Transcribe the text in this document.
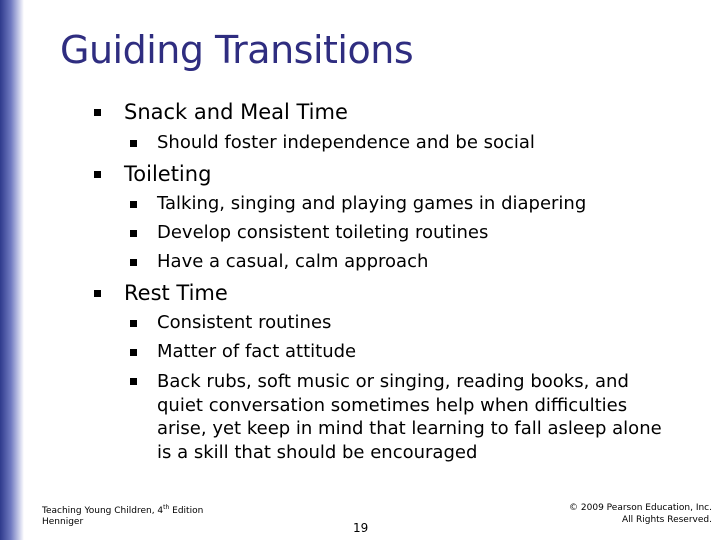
Guiding Transitions
Snack and Meal Time
Should foster independence and be social
Toileting
Talking, singing and playing games in diapering
Develop consistent toileting routines
Have a casual, calm approach
Rest Time
Consistent routines
Matter of fact attitude
Back rubs, soft music or singing, reading books, and quiet conversation sometimes help when difficulties arise, yet keep in mind that learning to fall asleep alone is a skill that should be encouraged
Teaching Young Children, 4th Edition
Henniger	19
© 2009 Pearson Education, Inc.
All Rights Reserved.
